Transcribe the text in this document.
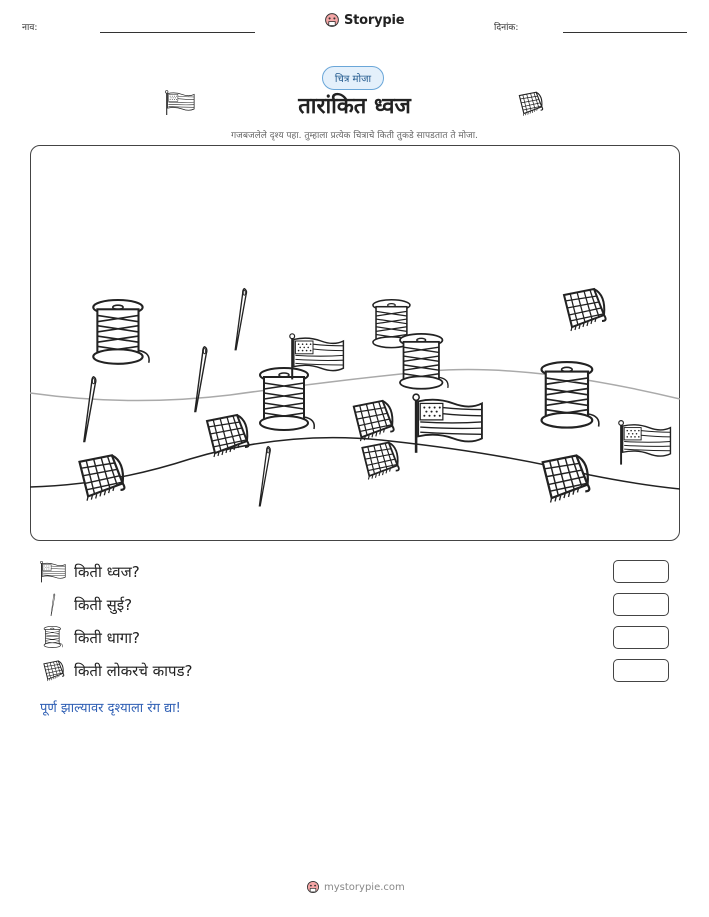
नाव:
Storypie
दिनांक:
चित्र मोजा
तारांकित ध्वज
गजबजलेले दृश्य पहा. तुम्हाला प्रत्येक चित्राचे किती तुकडे सापडतात ते मोजा.
किती ध्वज?
किती सुई?
किती धागा?
किती लोकरचे कापड?
पूर्ण झाल्यावर दृश्याला रंग द्या!
mystorypie.com
